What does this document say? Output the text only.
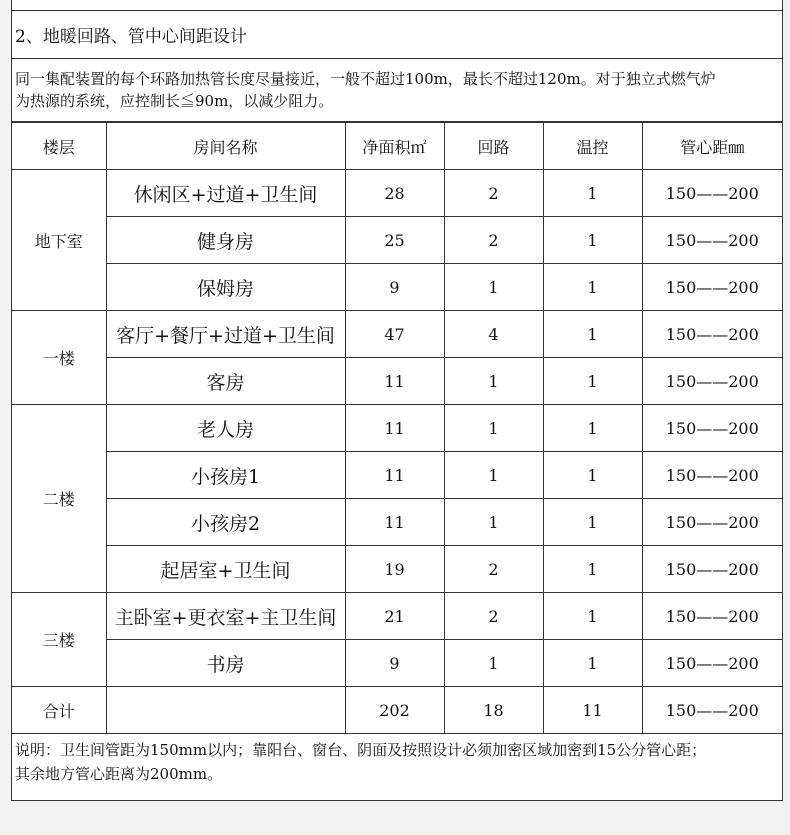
2、地暖回路、管中心间距设计
同一集配装置的每个环路加热管长度尽量接近，一般不超过100m，最长不超过120m。对于独立式燃气炉
为热源的系统，应控制长≦90m，以减少阻力。
楼层	房间名称	净面积㎡	回路	温控	管心距㎜
地下室	休闲区+过道+卫生间	28	2	1	150——200
	健身房	25	2	1	150——200
	保姆房	9	1	1	150——200
一楼	客厅+餐厅+过道+卫生间	47	4	1	150——200
	客房	11	1	1	150——200
二楼	老人房	11	1	1	150——200
	小孩房1	11	1	1	150——200
	小孩房2	11	1	1	150——200
	起居室+卫生间	19	2	1	150——200
三楼	主卧室+更衣室+主卫生间	21	2	1	150——200
	书房	9	1	1	150——200
合计		202	18	11	150——200
说明：卫生间管距为150mm以内；靠阳台、窗台、阴面及按照设计必须加密区域加密到15公分管心距；
其余地方管心距离为200mm。
